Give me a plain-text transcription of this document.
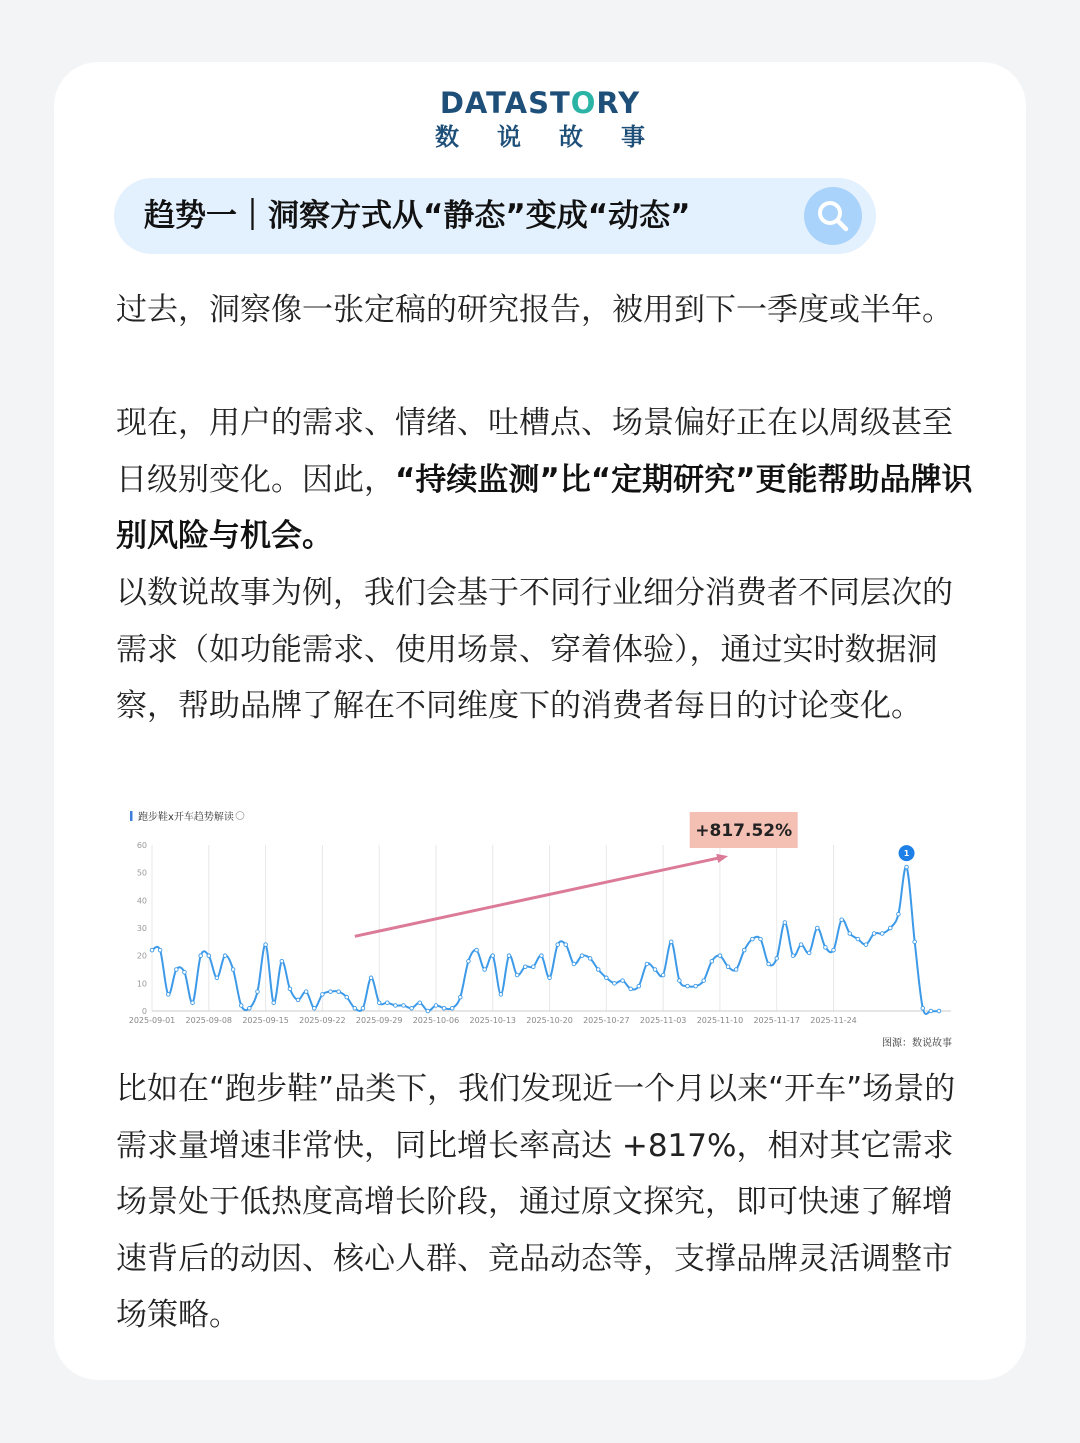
DATASTORY
数说故事
趋势一｜洞察方式从“静态”变成“动态”
过去，洞察像一张定稿的研究报告，被用到下一季度或半年。
现在，用户的需求、情绪、吐槽点、场景偏好正在以周级甚至日级别变化。因此，“持续监测”比“定期研究”更能帮助品牌识别风险与机会。
以数说故事为例，我们会基于不同行业细分消费者不同层次的需求（如功能需求、使用场景、穿着体验），通过实时数据洞察，帮助品牌了解在不同维度下的消费者每日的讨论变化。
跑步鞋x开车趋势解读
0
10
20
30
40
50
60
2025-09-01 2025-09-08 2025-09-15 2025-09-22 2025-09-29 2025-10-06 2025-10-13 2025-10-20 2025-10-27 2025-11-03 2025-11-10 2025-11-17 2025-11-24
1
+817.52%
图源：数说故事
比如在“跑步鞋”品类下，我们发现近一个月以来“开车”场景的需求量增速非常快，同比增长率高达 +817%，相对其它需求场景处于低热度高增长阶段，通过原文探究，即可快速了解增速背后的动因、核心人群、竞品动态等，支撑品牌灵活调整市场策略。
